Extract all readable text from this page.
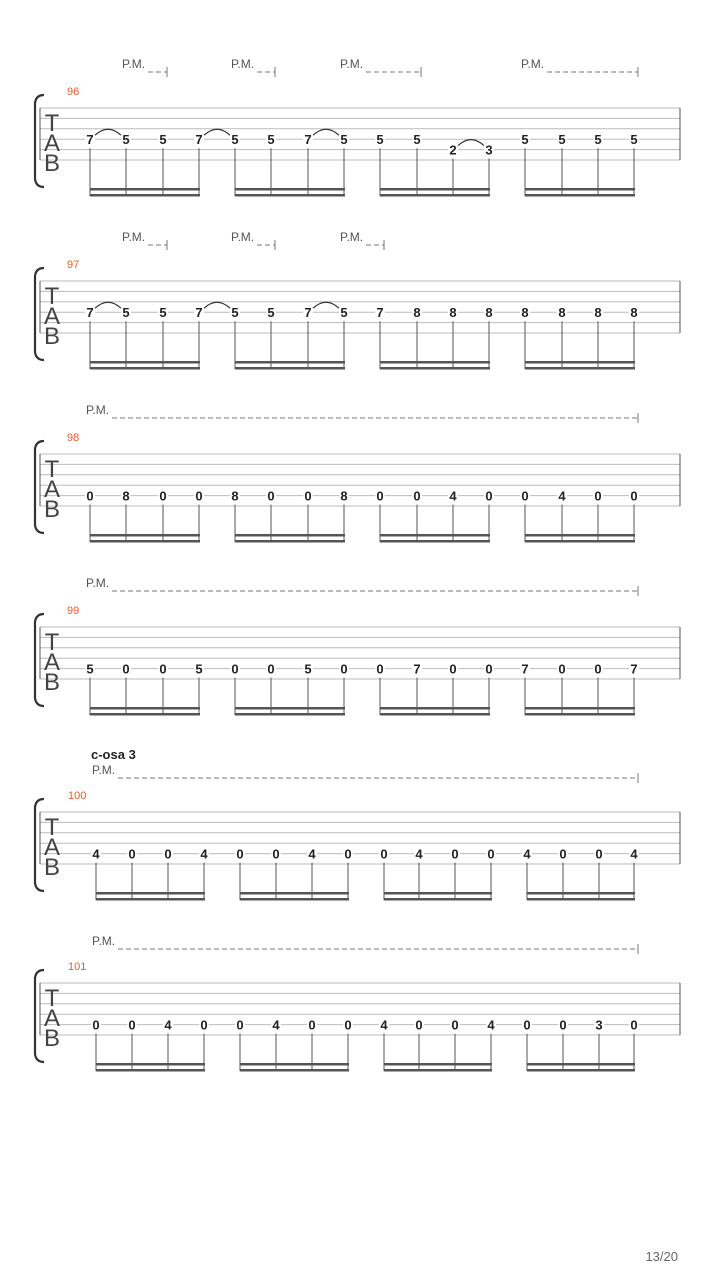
T
A
B
96
P.M.	P.M.	P.M.	P.M.
7 5 5 7 5 5 7 5 5 5
2 3
5 5 5 5
T
A
B
97
P.M.	P.M.	P.M.
7 5 5 7 5 5 7 5 7 8 8 8 8 8 8 8
T
A
B
98
P.M.
0 8 0 0 8 0 0 8 0 0 4 0 0 4 0 0
T
A
B
99
P.M.
5 0 0 5 0 0 5 0 0 7 0 0 7 0 0 7
T
A
B
100
c-osa 3
P.M.
4 0 0 4 0 0 4 0 0 4 0 0 4 0 0 4
T
A
B
101
P.M.
0 0 4 0 0 4 0 0 4 0 0 4 0 0 3 0
13/20
